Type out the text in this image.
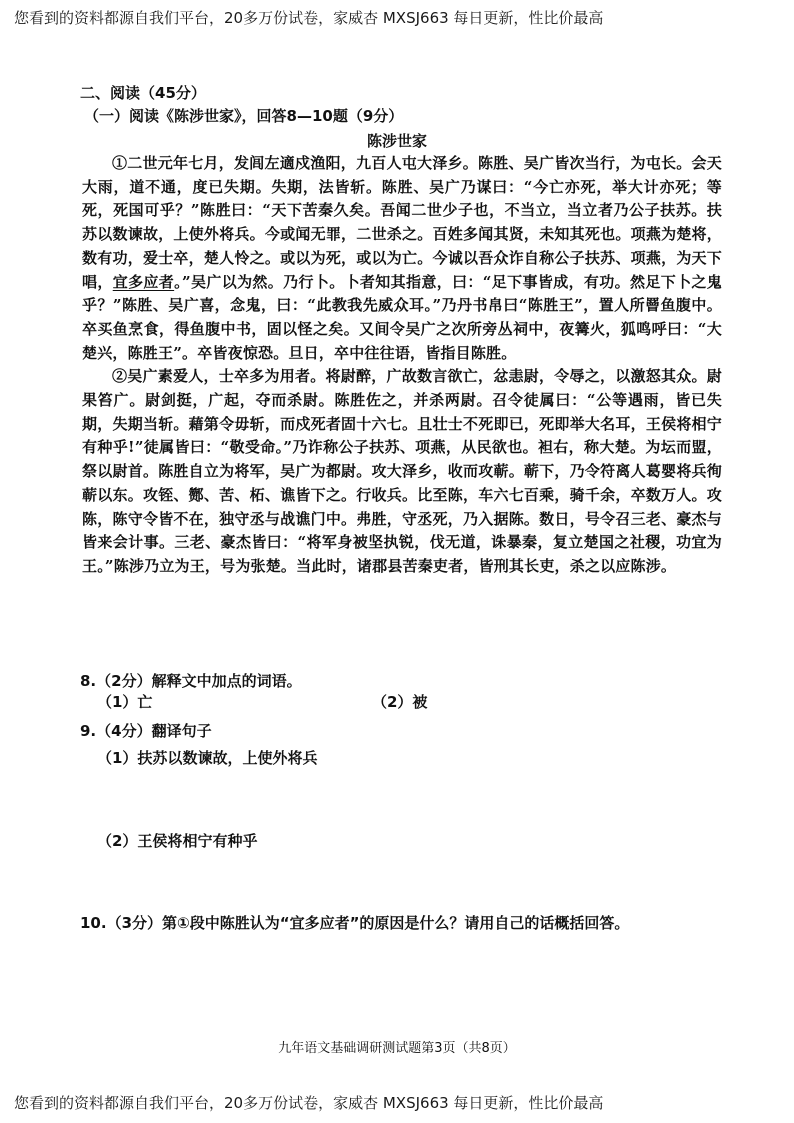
您看到的资料都源自我们平台，20多万份试卷，家威杏 MXSJ663 每日更新，性比价最高
二、阅读（45分）
（一）阅读《陈涉世家》，回答8—10题（9分）
陈涉世家

①二世元年七月，发闾左適戍渔阳，九百人屯大泽乡。陈胜、吴广皆次当行，为屯长。会天大雨，道不通，度已失期。失期，法皆斩。陈胜、吴广乃谋曰：“今亡亦死，举大计亦死；等死，死国可乎？”陈胜曰：“天下苦秦久矣。吾闻二世少子也，不当立，当立者乃公子扶苏。扶苏以数谏故，上使外将兵。今或闻无罪，二世杀之。百姓多闻其贤，未知其死也。项燕为楚将，数有功，爱士卒，楚人怜之。或以为死，或以为亡。今诚以吾众诈自称公子扶苏、项燕，为天下唱，宜多应者。”吴广以为然。乃行卜。卜者知其指意，曰：“足下事皆成，有功。然足下卜之鬼乎？”陈胜、吴广喜，念鬼，曰：“此教我先威众耳。”乃丹书帛曰“陈胜王”，置人所罾鱼腹中。卒买鱼烹食，得鱼腹中书，固以怪之矣。又间令吴广之次所旁丛祠中，夜篝火，狐鸣呼曰：“大楚兴，陈胜王”。卒皆夜惊恐。旦日，卒中往往语，皆指目陈胜。

②吴广素爱人，士卒多为用者。将尉醉，广故数言欲亡，忿恚尉，令辱之，以激怒其众。尉果笞广。尉剑挺，广起，夺而杀尉。陈胜佐之，并杀两尉。召令徒属曰：“公等遇雨，皆已失期，失期当斩。藉第令毋斩，而戍死者固十六七。且壮士不死即已，死即举大名耳，王侯将相宁有种乎!”徒属皆曰：“敬受命。”乃诈称公子扶苏、项燕，从民欲也。袒右，称大楚。为坛而盟，祭以尉首。陈胜自立为将军，吴广为都尉。攻大泽乡，收而攻蕲。蕲下，乃令符离人葛婴将兵徇蕲以东。攻铚、酂、苦、柘、谯皆下之。行收兵。比至陈，车六七百乘，骑千余，卒数万人。攻陈，陈守令皆不在，独守丞与战谯门中。弗胜，守丞死，乃入据陈。数日，号令召三老、豪杰与皆来会计事。三老、豪杰皆曰：“将军身被坚执锐，伐无道，诛暴秦，复立楚国之社稷，功宜为王。”陈涉乃立为王，号为张楚。当此时，诸郡县苦秦吏者，皆刑其长吏，杀之以应陈涉。

8.（2分）解释文中加点的词语。
（1）亡	（2）被
9.（4分）翻译句子
（1）扶苏以数谏故，上使外将兵
（2）王侯将相宁有种乎
10.（3分）第①段中陈胜认为“宜多应者”的原因是什么？请用自己的话概括回答。
九年语文基础调研测试题第3页（共8页）
您看到的资料都源自我们平台，20多万份试卷，家威杏 MXSJ663 每日更新，性比价最高
